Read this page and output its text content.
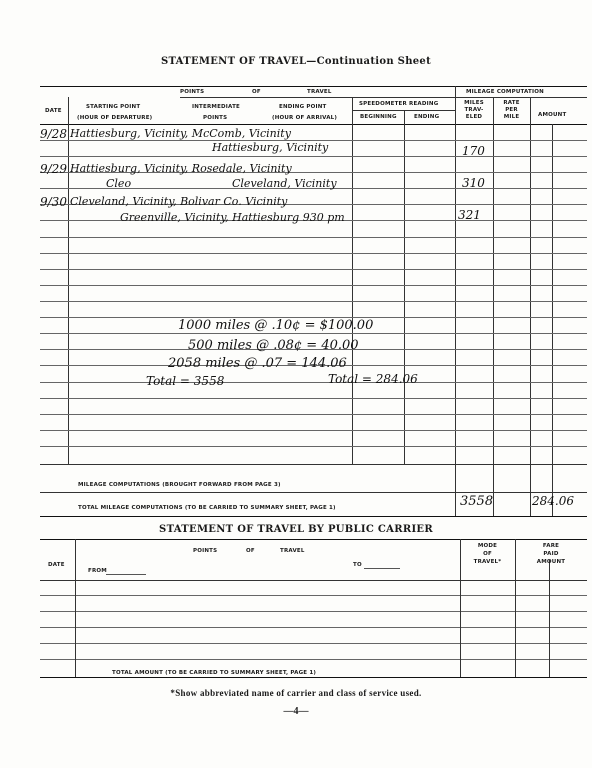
STATEMENT OF TRAVEL—Continuation Sheet
DATE
POINTS	OF	TRAVEL
STARTING POINT
(HOUR OF DEPARTURE)
INTERMEDIATE
POINTS
ENDING POINT
(HOUR OF ARRIVAL)
SPEEDOMETER READING
BEGINNING	ENDING
MILEAGE COMPUTATION
MILES
TRAV-
ELED
RATE
PER
MILE	AMOUNT
9/28 Hattiesburg, Vicinity, McComb, Vicinity
Hattiesburg, Vicinity	170
9/29 Hattiesburg, Vicinity, Rosedale, Vicinity
Cleo	Cleveland, Vicinity	310
9/30 Cleveland, Vicinity, Bolivar Co. Vicinity
Greenville, Vicinity, Hattiesburg 930 pm	321
1000 miles @ .10¢ = $100.00
500 miles @ .08¢ = 40.00
2058 miles @ .07 = 144.06
Total = 3558	Total = 284.06
MILEAGE COMPUTATIONS (BROUGHT FORWARD FROM PAGE 3)
TOTAL MILEAGE COMPUTATIONS (TO BE CARRIED TO SUMMARY SHEET, PAGE 1)	3558	284.06
STATEMENT OF TRAVEL BY PUBLIC CARRIER
DATE
POINTS	OF	TRAVEL
FROM
TO
MODE
OF
TRAVEL*
FARE
PAID
AMOUNT
TOTAL AMOUNT (TO BE CARRIED TO SUMMARY SHEET, PAGE 1)
*Show abbreviated name of carrier and class of service used.
—4—
